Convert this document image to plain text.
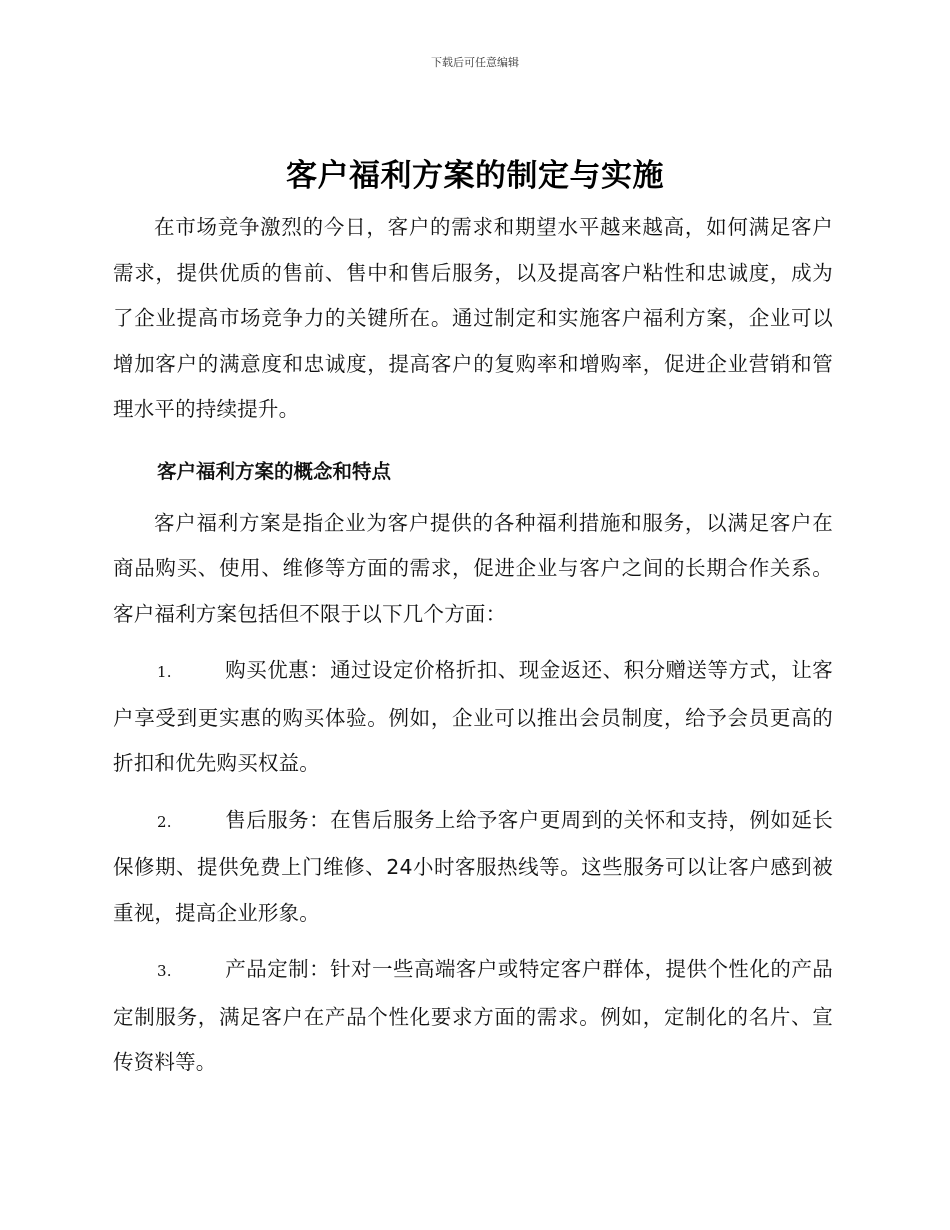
下载后可任意编辑
客户福利方案的制定与实施

在市场竞争激烈的今日，客户的需求和期望水平越来越高，如何满足客户需求，提供优质的售前、售中和售后服务，以及提高客户粘性和忠诚度，成为了企业提高市场竞争力的关键所在。通过制定和实施客户福利方案，企业可以增加客户的满意度和忠诚度，提高客户的复购率和增购率，促进企业营销和管理水平的持续提升。

客户福利方案的概念和特点

客户福利方案是指企业为客户提供的各种福利措施和服务，以满足客户在商品购买、使用、维修等方面的需求，促进企业与客户之间的长期合作关系。客户福利方案包括但不限于以下几个方面：

1.	购买优惠：通过设定价格折扣、现金返还、积分赠送等方式，让客户享受到更实惠的购买体验。例如，企业可以推出会员制度，给予会员更高的折扣和优先购买权益。

2.	售后服务：在售后服务上给予客户更周到的关怀和支持，例如延长保修期、提供免费上门维修、24小时客服热线等。这些服务可以让客户感到被重视，提高企业形象。

3.	产品定制：针对一些高端客户或特定客户群体，提供个性化的产品定制服务，满足客户在产品个性化要求方面的需求。例如，定制化的名片、宣传资料等。
